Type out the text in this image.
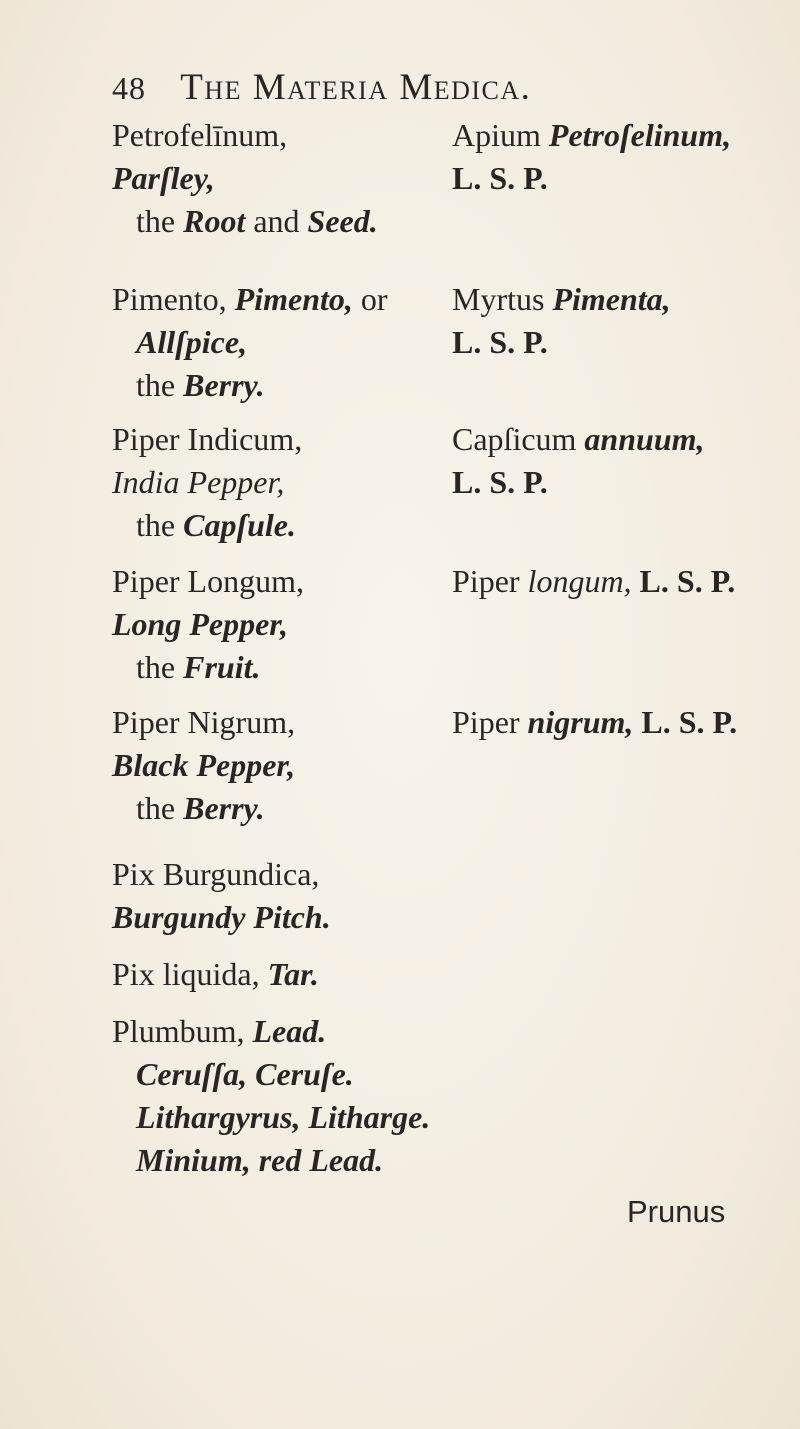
48 The Materia Medica.
Petrofelīnum,
Parſley,
the Root and Seed.
Apium Petroſelinum,
L. S. P.
Pimento, Pimento, or
Allſpice,
the Berry.
Myrtus Pimenta,
L. S. P.
Piper Indicum,
India Pepper,
the Capſule.
Capſicum annuum,
L. S. P.
Piper Longum,
Long Pepper,
the Fruit.
Piper longum, L. S. P.
Piper Nigrum,
Black Pepper,
the Berry.
Piper nigrum, L. S. P.
Pix Burgundica,
Burgundy Pitch.
Pix liquida, Tar.
Plumbum, Lead.
Ceruſſa, Ceruſe.
Lithargyrus, Litharge.
Minium, red Lead.
Prunus
